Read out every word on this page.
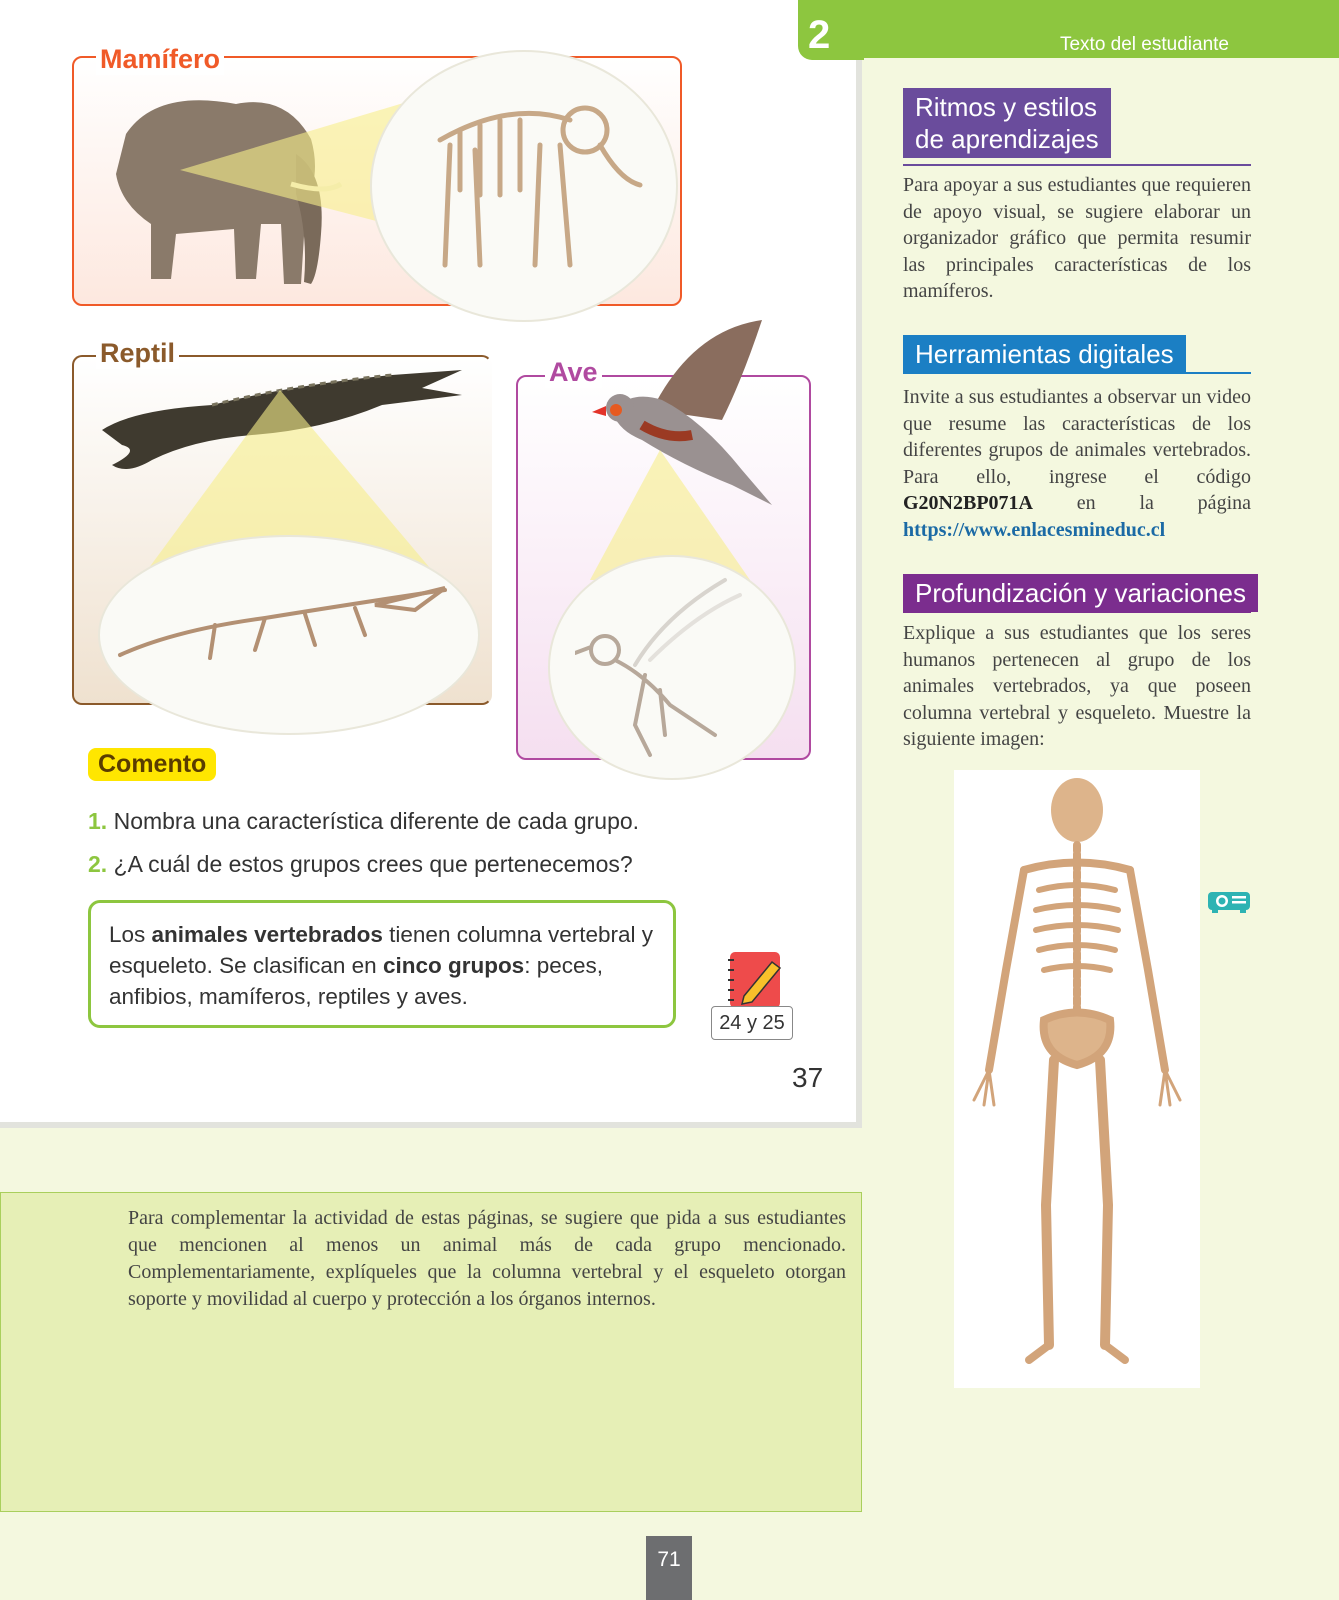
Mamífero
Reptil
Ave
Comento
1. Nombra una característica diferente de cada grupo.
2. ¿A cuál de estos grupos crees que pertenecemos?
Los animales vertebrados tienen columna vertebral y esqueleto. Se clasifican en cinco grupos: peces, anfibios, mamíferos, reptiles y aves.
24 y 25
37
Texto del estudiante
2
Ritmos y estilos
de aprendizajes
Para apoyar a sus estudiantes que requieren de apoyo visual, se sugiere elaborar un organizador gráfico que permita resumir las principales características de los mamíferos.
Herramientas digitales
Invite a sus estudiantes a observar un video que resume las características de los diferentes grupos de animales vertebrados. Para ello, ingrese el código G20N2BP071A en la página https://www.enlacesmineduc.cl
Profundización y variaciones
Explique a sus estudiantes que los seres humanos pertenecen al grupo de los animales vertebrados, ya que poseen columna vertebral y esqueleto. Muestre la siguiente imagen:
Para complementar la actividad de estas páginas, se sugiere que pida a sus estudiantes que mencionen al menos un animal más de cada grupo mencionado. Complementariamente, explíqueles que la columna vertebral y el esqueleto otorgan soporte y movilidad al cuerpo y protección a los órganos internos.
71
